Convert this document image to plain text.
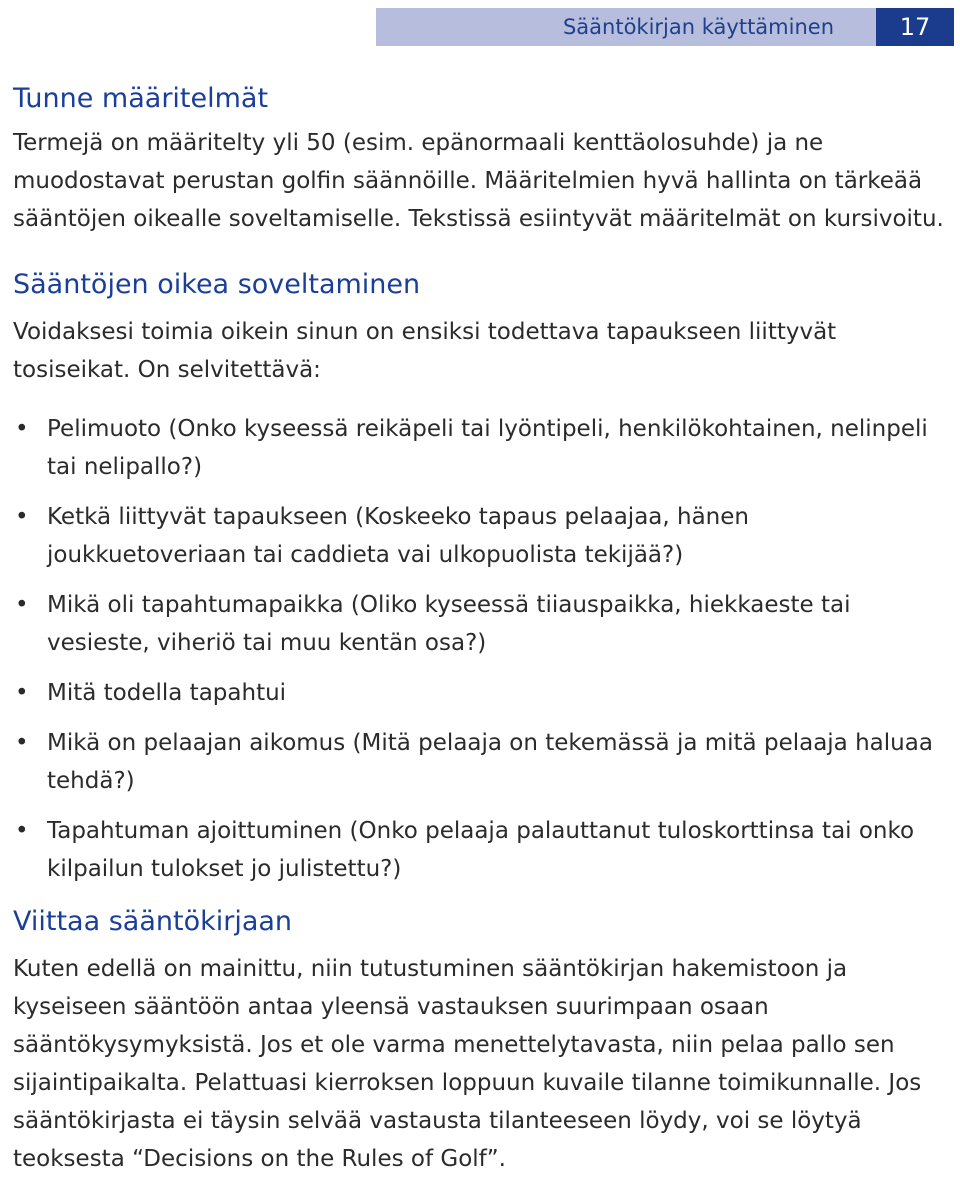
Sääntökirjan käyttäminen	17
Tunne määritelmät

Termejä on määritelty yli 50 (esim. epänormaali kenttäolosuhde) ja ne muodostavat perustan golfin säännöille. Määritelmien hyvä hallinta on tärkeää sääntöjen oikealle soveltamiselle. Tekstissä esiintyvät määritelmät on kursivoitu.

Sääntöjen oikea soveltaminen

Voidaksesi toimia oikein sinun on ensiksi todettava tapaukseen liittyvät tosiseikat. On selvitettävä:

• Pelimuoto (Onko kyseessä reikäpeli tai lyöntipeli, henkilökohtainen, nelinpeli tai nelipallo?)
• Ketkä liittyvät tapaukseen (Koskeeko tapaus pelaajaa, hänen joukkuetoveriaan tai caddieta vai ulkopuolista tekijää?)
• Mikä oli tapahtumapaikka (Oliko kyseessä tiiauspaikka, hiekkaeste tai vesieste, viheriö tai muu kentän osa?)
• Mitä todella tapahtui
• Mikä on pelaajan aikomus (Mitä pelaaja on tekemässä ja mitä pelaaja haluaa tehdä?)
• Tapahtuman ajoittuminen (Onko pelaaja palauttanut tuloskorttinsa tai onko kilpailun tulokset jo julistettu?)
Viittaa sääntökirjaan

Kuten edellä on mainittu, niin tutustuminen sääntökirjan hakemistoon ja kyseiseen sääntöön antaa yleensä vastauksen suurimpaan osaan sääntökysymyksistä. Jos et ole varma menettelytavasta, niin pelaa pallo sen sijaintipaikalta. Pelattuasi kierroksen loppuun kuvaile tilanne toimikunnalle. Jos sääntökirjasta ei täysin selvää vastausta tilanteeseen löydy, voi se löytyä teoksesta “Decisions on the Rules of Golf”.
